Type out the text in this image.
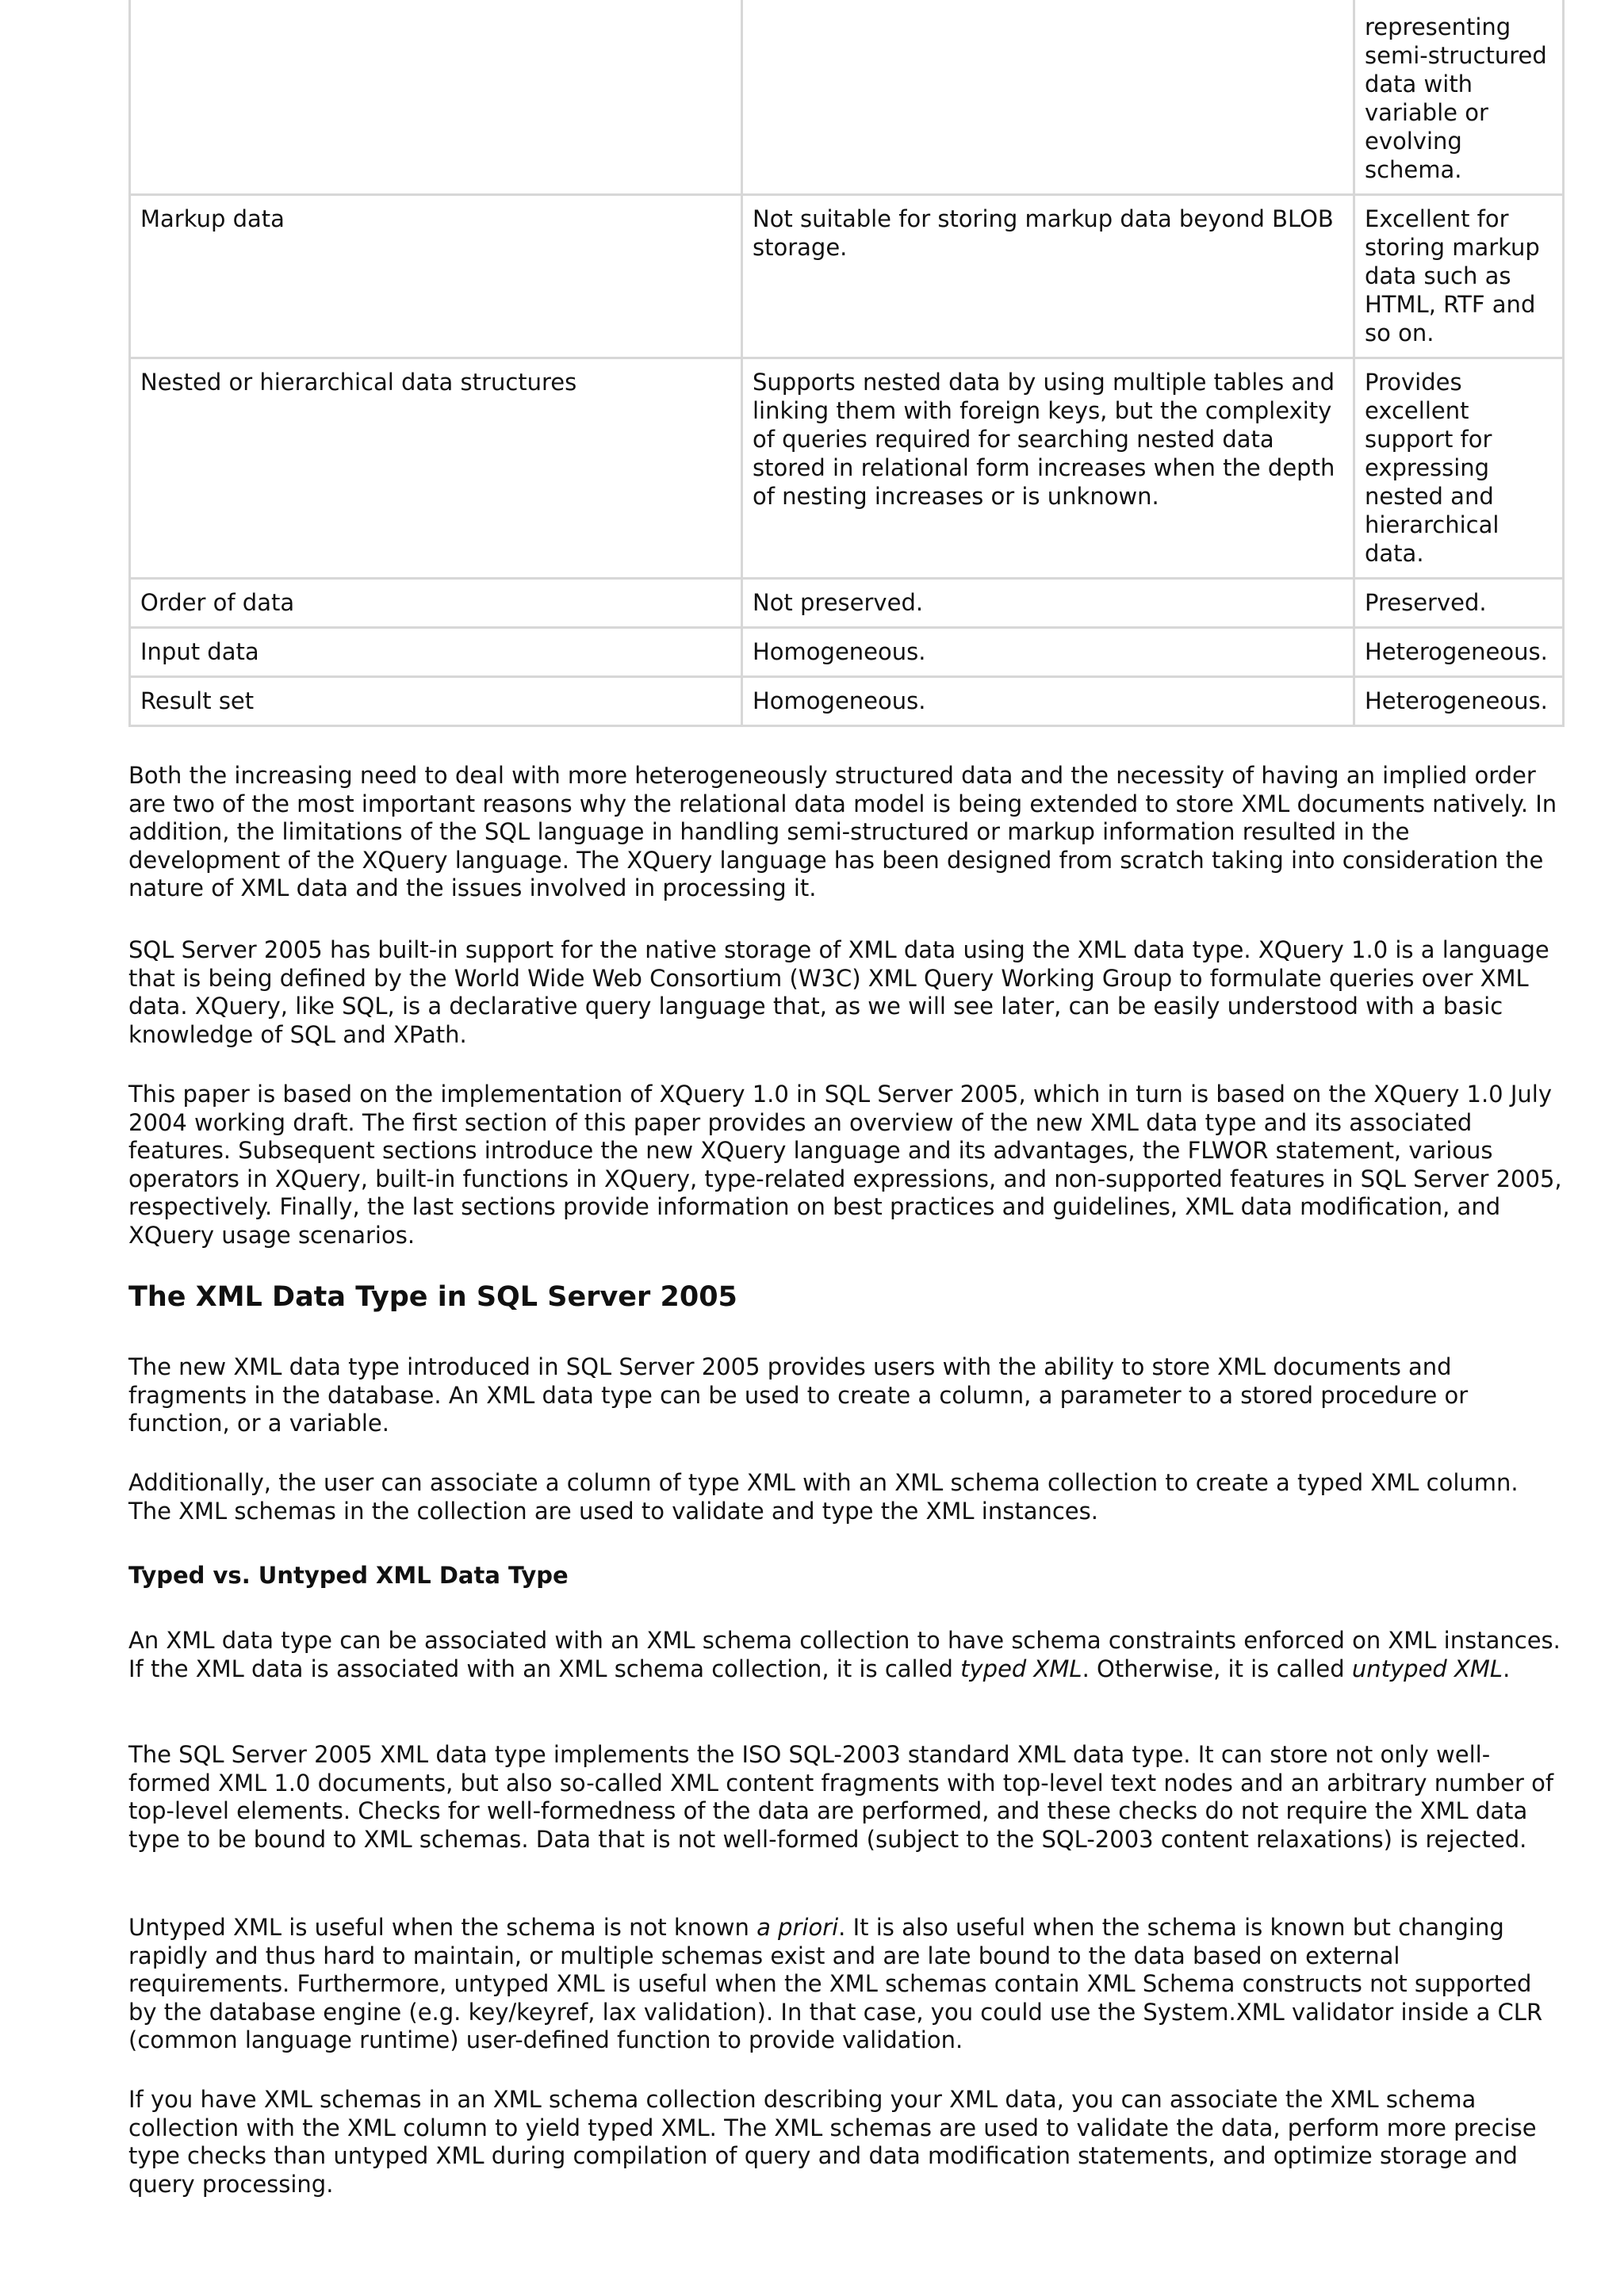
		representing semi-structured data with variable or evolving schema.
Markup data	Not suitable for storing markup data beyond BLOB storage.	Excellent for storing markup data such as HTML, RTF and so on.
Nested or hierarchical data structures	Supports nested data by using multiple tables and linking them with foreign keys, but the complexity of queries required for searching nested data stored in relational form increases when the depth of nesting increases or is unknown.	Provides excellent support for expressing nested and hierarchical data.
Order of data	Not preserved.	Preserved.
Input data	Homogeneous.	Heterogeneous.
Result set	Homogeneous.	Heterogeneous.

Both the increasing need to deal with more heterogeneously structured data and the necessity of having an implied order are two of the most important reasons why the relational data model is being extended to store XML documents natively. In addition, the limitations of the SQL language in handling semi-structured or markup information resulted in the development of the XQuery language. The XQuery language has been designed from scratch taking into consideration the nature of XML data and the issues involved in processing it.

SQL Server 2005 has built-in support for the native storage of XML data using the XML data type. XQuery 1.0 is a language that is being defined by the World Wide Web Consortium (W3C) XML Query Working Group to formulate queries over XML data. XQuery, like SQL, is a declarative query language that, as we will see later, can be easily understood with a basic knowledge of SQL and XPath.

This paper is based on the implementation of XQuery 1.0 in SQL Server 2005, which in turn is based on the XQuery 1.0 July 2004 working draft. The first section of this paper provides an overview of the new XML data type and its associated features. Subsequent sections introduce the new XQuery language and its advantages, the FLWOR statement, various operators in XQuery, built-in functions in XQuery, type-related expressions, and non-supported features in SQL Server 2005, respectively. Finally, the last sections provide information on best practices and guidelines, XML data modification, and XQuery usage scenarios.

The XML Data Type in SQL Server 2005

The new XML data type introduced in SQL Server 2005 provides users with the ability to store XML documents and fragments in the database. An XML data type can be used to create a column, a parameter to a stored procedure or function, or a variable.

Additionally, the user can associate a column of type XML with an XML schema collection to create a typed XML column. The XML schemas in the collection are used to validate and type the XML instances.

Typed vs. Untyped XML Data Type

An XML data type can be associated with an XML schema collection to have schema constraints enforced on XML instances. If the XML data is associated with an XML schema collection, it is called typed XML. Otherwise, it is called untyped XML.

The SQL Server 2005 XML data type implements the ISO SQL-2003 standard XML data type. It can store not only well-formed XML 1.0 documents, but also so-called XML content fragments with top-level text nodes and an arbitrary number of top-level elements. Checks for well-formedness of the data are performed, and these checks do not require the XML data type to be bound to XML schemas. Data that is not well-formed (subject to the SQL-2003 content relaxations) is rejected.

Untyped XML is useful when the schema is not known a priori. It is also useful when the schema is known but changing rapidly and thus hard to maintain, or multiple schemas exist and are late bound to the data based on external requirements. Furthermore, untyped XML is useful when the XML schemas contain XML Schema constructs not supported by the database engine (e.g. key/keyref, lax validation). In that case, you could use the System.XML validator inside a CLR (common language runtime) user-defined function to provide validation.

If you have XML schemas in an XML schema collection describing your XML data, you can associate the XML schema collection with the XML column to yield typed XML. The XML schemas are used to validate the data, perform more precise type checks than untyped XML during compilation of query and data modification statements, and optimize storage and query processing.
